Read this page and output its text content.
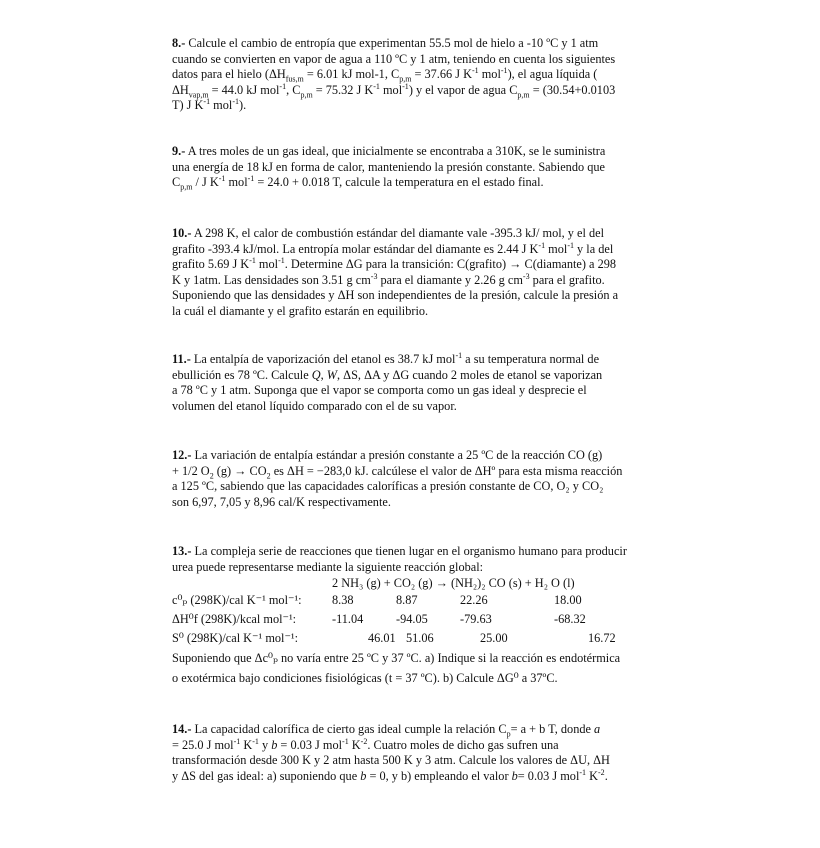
8.- Calcule el cambio de entropía que experimentan 55.5 mol de hielo a -10 ºC y 1 atm
cuando se convierten en vapor de agua a 110 ºC y 1 atm, teniendo en cuenta los siguientes
datos para el hielo ($\Delta H_{fus,m} = 6.01$ kJ mol-1, $C_{p,m} = 37.66$ J $K^{-1}$ mol$^{-1}$), el agua líquida (
$\Delta H_{vap,m} = 44.0$ kJ mol$^{-1}$, $C_{p,m} = 75.32$ J $K^{-1}$ mol$^{-1}$) y el vapor de agua $C_{p,m} = (30.54+0.0103$
T) J $K^{-1}$ mol$^{-1}$).
9.- A tres moles de un gas ideal, que inicialmente se encontraba a 310K, se le suministra
una energía de 18 kJ en forma de calor, manteniendo la presión constante. Sabiendo que
$C_{p,m}$ / J $K^{-1}$ mol$^{-1}$ = 24.0 + 0.018 T, calcule la temperatura en el estado final.
10.- A 298 K, el calor de combustión estándar del diamante vale -395.3 kJ/ mol, y el del
grafito -393.4 kJ/mol. La entropía molar estándar del diamante es 2.44 J $K^{-1}$ mol$^{-1}$ y la del
grafito 5.69 J $K^{-1}$ mol$^{-1}$. Determine ΔG para la transición: C(grafito) → C(diamante) a 298
K y 1atm. Las densidades son 3.51 g $cm^{-3}$ para el diamante y 2.26 g $cm^{-3}$ para el grafito.
Suponiendo que las densidades y ΔH son independientes de la presión, calcule la presión a
la cuál el diamante y el grafito estarán en equilibrio.
11.- La entalpía de vaporización del etanol es 38.7 kJ mol$^{-1}$ a su temperatura normal de
ebullición es 78 ºC. Calcule Q, W, ΔS, ΔA y ΔG cuando 2 moles de etanol se vaporizan
a 78 ºC y 1 atm. Suponga que el vapor se comporta como un gas ideal y desprecie el
volumen del etanol líquido comparado con el de su vapor.
12.- La variación de entalpía estándar a presión constante a 25 ºC de la reacción CO (g)
+ 1/2 $O_2$ $(g) \to CO_2$ es ΔH = −283,0 kJ. calcúlese el valor de ΔHº para esta misma reacción
a 125 ºC, sabiendo que las capacidades caloríficas a presión constante de CO, O₂ y CO₂
son 6,97, 7,05 y 8,96 cal/K respectivamente.
13.- La compleja serie de reacciones que tienen lugar en el organismo humano para producir
urea puede representarse mediante la siguiente reacción global:
2 NH₃ (g) + CO₂ (g) → (NH₂)₂ CO (s) + H₂ O (l)
c⁰ₚ (298K)/cal K⁻¹ mol⁻¹:	8.38	8.87	22.26	18.00
ΔH⁰f (298K)/kcal mol⁻¹:	-11.04	-94.05	-79.63	-68.32
S⁰ (298K)/cal K⁻¹ mol⁻¹:	46.01	51.06	25.00	16.72
Suponiendo que Δc⁰ₚ no varía entre 25 ºC y 37 ºC. a) Indique si la reacción es endotérmica
o exotérmica bajo condiciones fisiológicas (t = 37 ºC). b) Calcule ΔG⁰ a 37ºC.
14.- La capacidad calorífica de cierto gas ideal cumple la relación $C_p= a + b$ T, donde a
= 25.0 J mol$^{-1}$ $K^{-1}$ y b = 0.03 J mol$^{-1}$ $K^{-2}$. Cuatro moles de dicho gas sufren una
transformación desde 300 K y 2 atm hasta 500 K y 3 atm. Calcule los valores de ΔU, ΔH
y ΔS del gas ideal: a) suponiendo que b = 0, y b) empleando el valor b= 0.03 J mol$^{-1}$ $K^{-2}$.
